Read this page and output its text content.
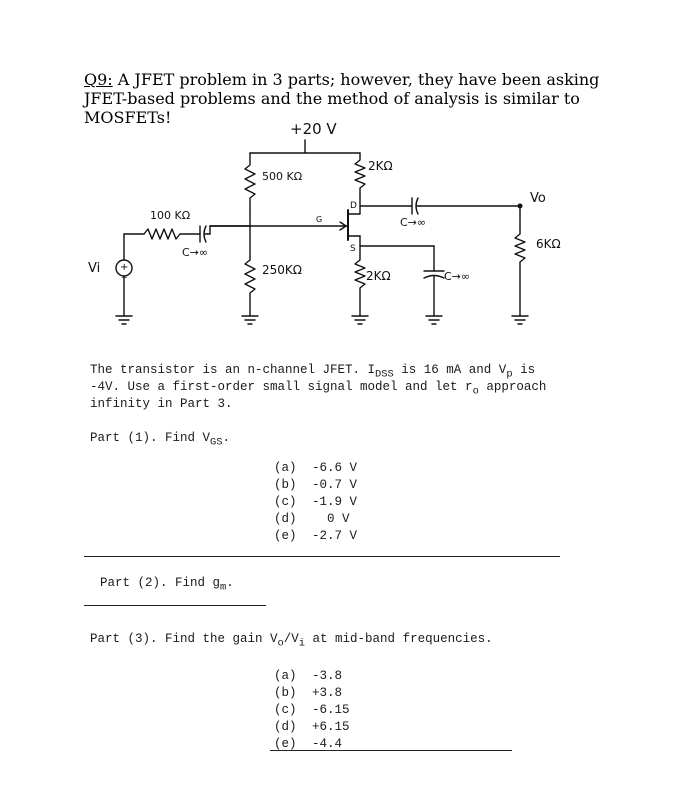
Q9: A JFET problem in 3 parts; however, they have been asking JFET-based problems and the method of analysis is similar to MOSFETs!
+20 V
500 KΩ
2KΩ
100 KΩ
C→∞
250KΩ
G
D
S
C→∞
2KΩ	C→∞
6KΩ
Vi
Vo
+
−
The transistor is an n-channel JFET. $I_{DSS}$ is 16 mA and $V_p$ is
-4V. Use a first-order small signal model and let $r_o$ approach
infinity in Part 3.
Part (1). Find $V_{GS}$.
(a) -6.6 V
(b) -0.7 V
(c) -1.9 V
(d) 0 V
(e) -2.7 V
Part (2). Find $g_m$.
Part (3). Find the gain $V_o/V_i$ at mid-band frequencies.
(a) -3.8
(b) +3.8
(c) -6.15
(d) +6.15
(e) -4.4
